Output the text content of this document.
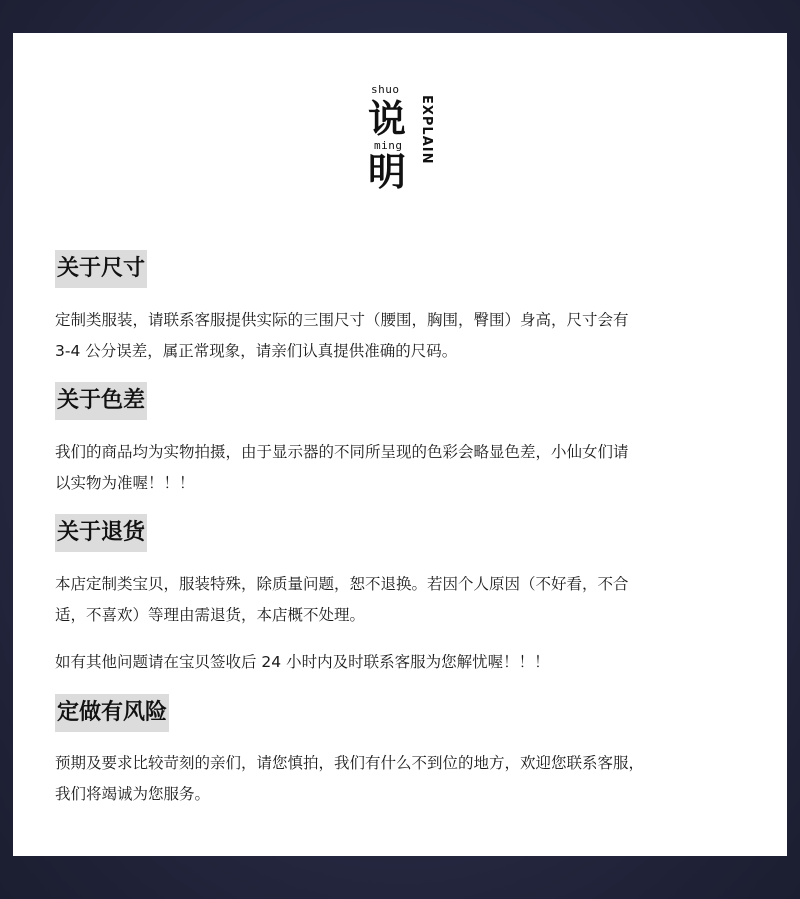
shuo
说
ming
明
EXPLAIN
关于尺寸
定制类服装，请联系客服提供实际的三围尺寸（腰围，胸围，臀围）身高，尺寸会有
3-4 公分误差，属正常现象，请亲们认真提供准确的尺码。
关于色差
我们的商品均为实物拍摄，由于显示器的不同所呈现的色彩会略显色差，小仙女们请
以实物为准喔！！！
关于退货
本店定制类宝贝，服装特殊，除质量问题，恕不退换。若因个人原因（不好看，不合
适，不喜欢）等理由需退货，本店概不处理。
如有其他问题请在宝贝签收后 24 小时内及时联系客服为您解忧喔！！！
定做有风险
预期及要求比较苛刻的亲们，请您慎拍，我们有什么不到位的地方，欢迎您联系客服，
我们将竭诚为您服务。
